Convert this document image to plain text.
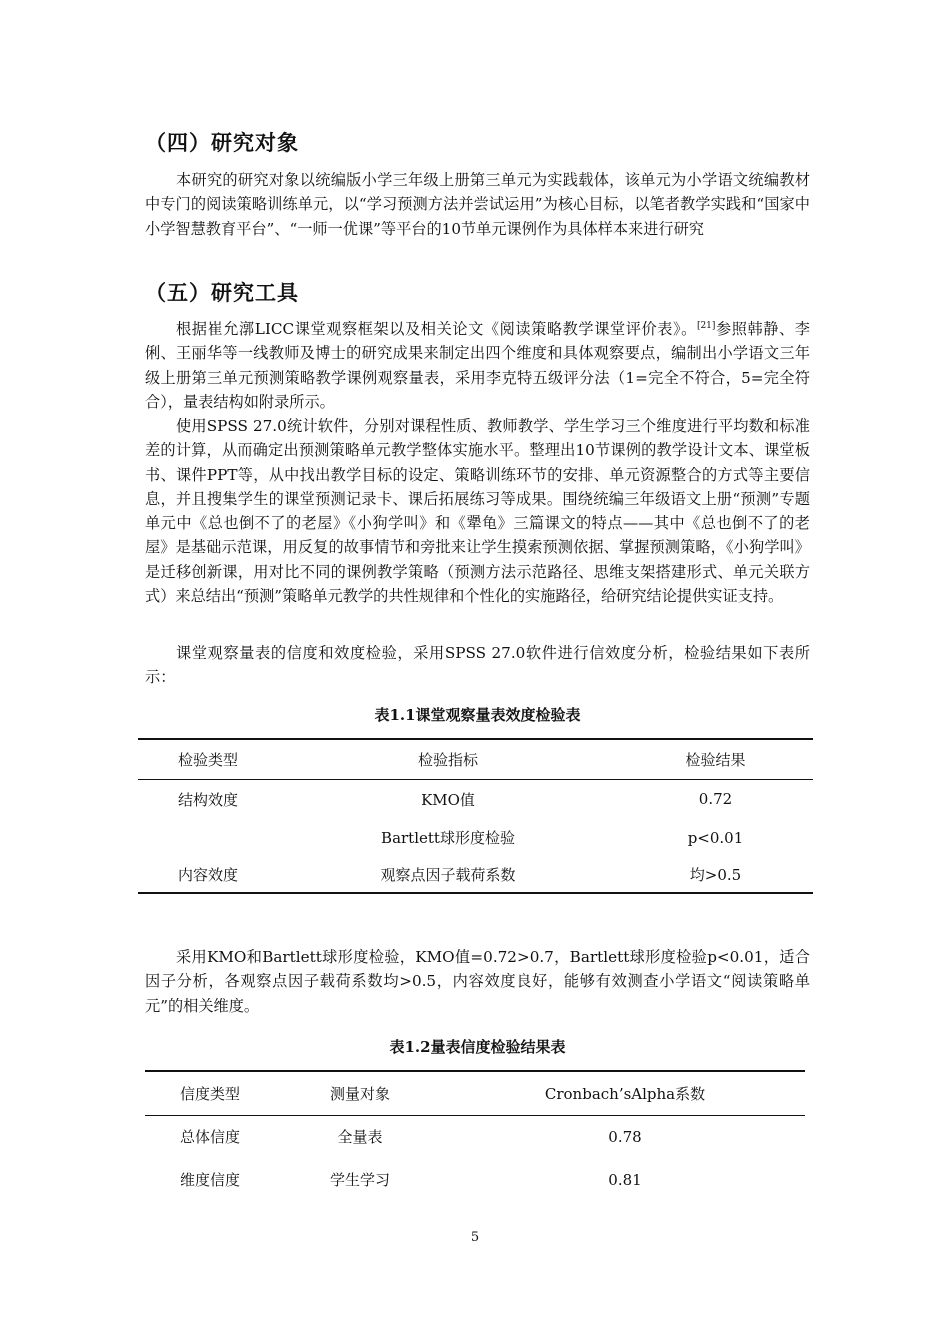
（四）研究对象

本研究的研究对象以统编版小学三年级上册第三单元为实践载体，该单元为小学语文统编教材中专门的阅读策略训练单元，以“学习预测方法并尝试运用”为核心目标，以笔者教学实践和“国家中小学智慧教育平台”、“一师一优课”等平台的10节单元课例作为具体样本来进行研究

（五）研究工具

根据崔允漷LICC课堂观察框架以及相关论文《阅读策略教学课堂评价表》。[21]参照韩静、李俐、王丽华等一线教师及博士的研究成果来制定出四个维度和具体观察要点，编制出小学语文三年级上册第三单元预测策略教学课例观察量表，采用李克特五级评分法（1=完全不符合，5=完全符合），量表结构如附录所示。

使用SPSS 27.0统计软件，分别对课程性质、教师教学、学生学习三个维度进行平均数和标准差的计算，从而确定出预测策略单元教学整体实施水平。整理出10节课例的教学设计文本、课堂板书、课件PPT等，从中找出教学目标的设定、策略训练环节的安排、单元资源整合的方式等主要信息，并且搜集学生的课堂预测记录卡、课后拓展练习等成果。围绕统编三年级语文上册“预测”专题单元中《总也倒不了的老屋》《小狗学叫》和《犟龟》三篇课文的特点——其中《总也倒不了的老屋》是基础示范课，用反复的故事情节和旁批来让学生摸索预测依据、掌握预测策略，《小狗学叫》是迁移创新课，用对比不同的课例教学策略（预测方法示范路径、思维支架搭建形式、单元关联方式）来总结出“预测”策略单元教学的共性规律和个性化的实施路径，给研究结论提供实证支持。

课堂观察量表的信度和效度检验，采用SPSS 27.0软件进行信效度分析，检验结果如下表所示：

表1.1课堂观察量表效度检验表
检验类型	检验指标	检验结果
结构效度	KMO值	0.72
	Bartlett球形度检验	p<0.01
内容效度	观察点因子载荷系数	均>0.5

采用KMO和Bartlett球形度检验，KMO值=0.72>0.7，Bartlett球形度检验p<0.01，适合因子分析，各观察点因子载荷系数均>0.5，内容效度良好，能够有效测查小学语文“阅读策略单元”的相关维度。

表1.2量表信度检验结果表
信度类型	测量对象	Cronbach’sAlpha系数
总体信度	全量表	0.78
维度信度	学生学习	0.81
5
